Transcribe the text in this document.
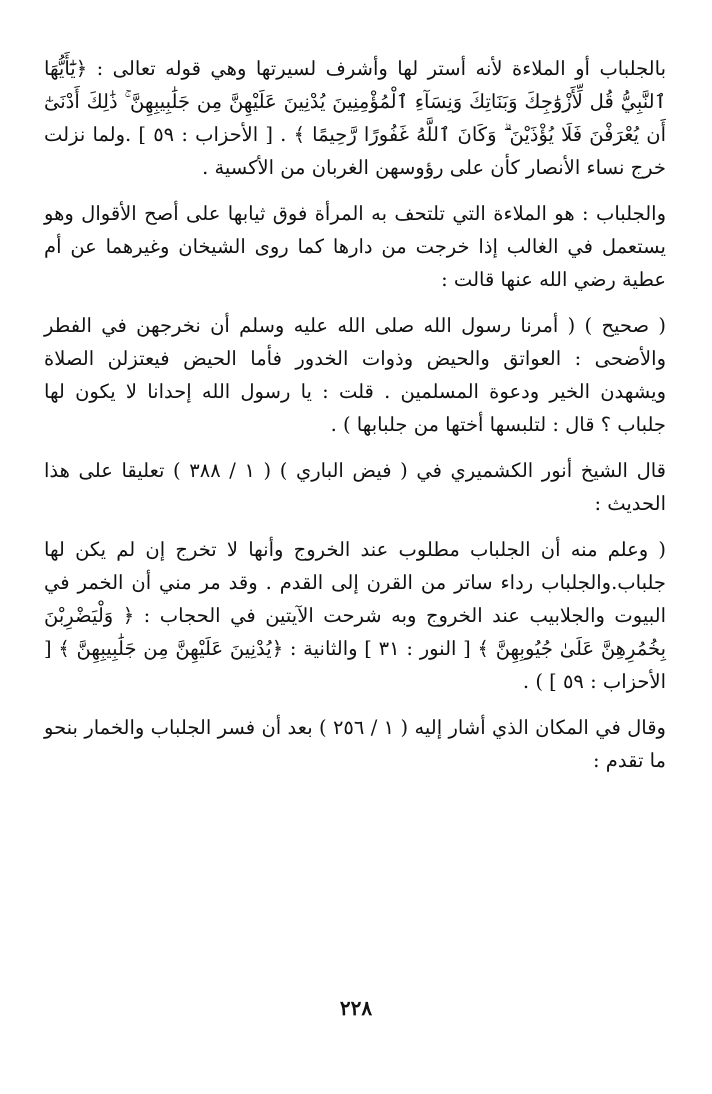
بالجلباب أو الملاءة لأنه أستر لها وأشرف لسيرتها وهي قوله تعالى : ﴿يَٰٓأَيُّهَا ٱلنَّبِيُّ قُل لِّأَزْوَٰجِكَ وَبَنَاتِكَ وَنِسَآءِ ٱلْمُؤْمِنِينَ يُدْنِينَ عَلَيْهِنَّ مِن جَلَٰبِيبِهِنَّ ۚ ذَٰلِكَ أَدْنَىٰٓ أَن يُعْرَفْنَ فَلَا يُؤْذَيْنَ ۗ وَكَانَ ٱللَّهُ غَفُورًا رَّحِيمًا ﴾ . [ الأحزاب : ٥٩ ] .ولما نزلت خرج نساء الأنصار كأن على رؤوسهن الغربان من الأكسية .

والجلباب : هو الملاءة التي تلتحف به المرأة فوق ثيابها على أصح الأقوال وهو يستعمل في الغالب إذا خرجت من دارها كما روى الشيخان وغيرهما عن أم عطية رضي الله عنها قالت :

( صحيح ) ( أمرنا رسول الله صلى الله عليه وسلم أن نخرجهن في الفطر والأضحى : العواتق والحيض وذوات الخدور فأما الحيض فيعتزلن الصلاة ويشهدن الخير ودعوة المسلمين . قلت : يا رسول الله إحدانا لا يكون لها جلباب ؟ قال : لتلبسها أختها من جلبابها ) .

قال الشيخ أنور الكشميري في ( فيض الباري ) ( ١ / ٣٨٨ ) تعليقا على هذا الحديث :

( وعلم منه أن الجلباب مطلوب عند الخروج وأنها لا تخرج إن لم يكن لها جلباب.والجلباب رداء ساتر من القرن إلى القدم . وقد مر مني أن الخمر في البيوت والجلابيب عند الخروج وبه شرحت الآيتين في الحجاب : ﴿ وَلْيَضْرِبْنَ بِخُمُرِهِنَّ عَلَىٰ جُيُوبِهِنَّ ﴾ [ النور : ٣١ ] والثانية : ﴿يُدْنِينَ عَلَيْهِنَّ مِن جَلَٰبِيبِهِنَّ ﴾ [ الأحزاب : ٥٩ ] ) .

وقال في المكان الذي أشار إليه ( ١ / ٢٥٦ ) بعد أن فسر الجلباب والخمار بنحو ما تقدم :

٢٢٨
